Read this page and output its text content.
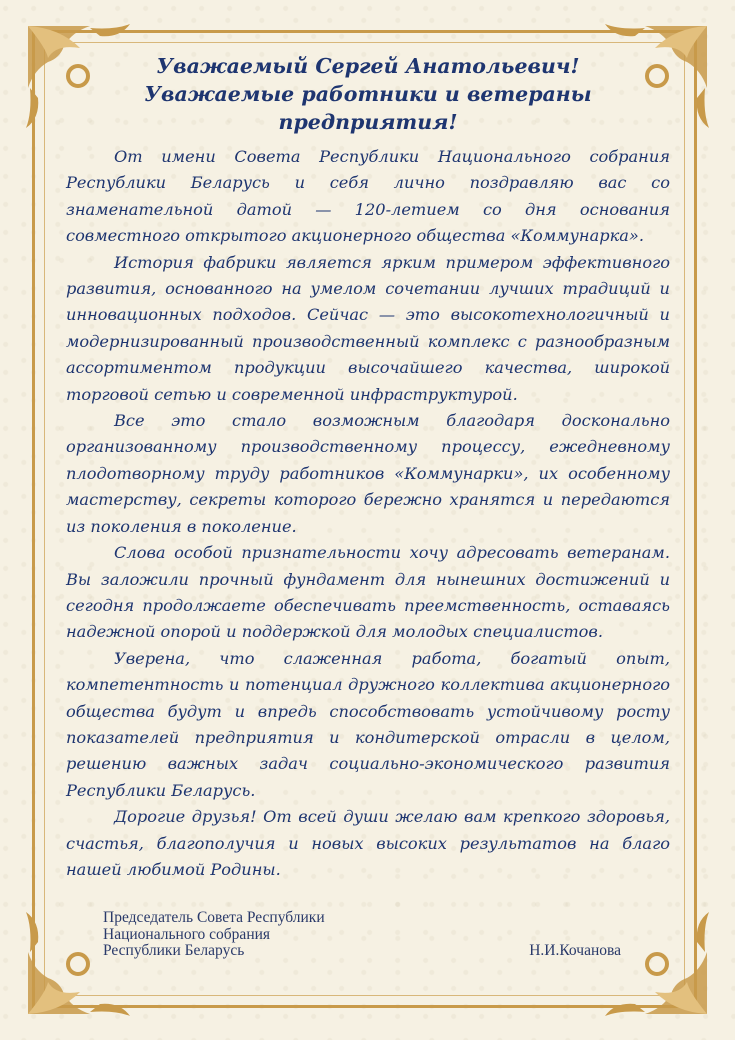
Уважаемый Сергей Анатольевич!
Уважаемые работники и ветераны предприятия!

От имени Совета Республики Национального собрания Республики Беларусь и себя лично поздравляю вас со знаменательной датой — 120-летием со дня основания совместного открытого акционерного общества «Коммунарка».

История фабрики является ярким примером эффективного развития, основанного на умелом сочетании лучших традиций и инновационных подходов. Сейчас — это высокотехнологичный и модернизированный производственный комплекс с разнообразным ассортиментом продукции высочайшего качества, широкой торговой сетью и современной инфраструктурой.

Все это стало возможным благодаря досконально организованному производственному процессу, ежедневному плодотворному труду работников «Коммунарки», их особенному мастерству, секреты которого бережно хранятся и передаются из поколения в поколение.

Слова особой признательности хочу адресовать ветеранам. Вы заложили прочный фундамент для нынешних достижений и сегодня продолжаете обеспечивать преемственность, оставаясь надежной опорой и поддержкой для молодых специалистов.

Уверена, что слаженная работа, богатый опыт, компетентность и потенциал дружного коллектива акционерного общества будут и впредь способствовать устойчивому росту показателей предприятия и кондитерской отрасли в целом, решению важных задач социально-экономического развития Республики Беларусь.

Дорогие друзья! От всей души желаю вам крепкого здоровья, счастья, благополучия и новых высоких результатов на благо нашей любимой Родины.

Председатель Совета Республики
Национального собрания
Республики Беларусь	Н.И.Кочанова
